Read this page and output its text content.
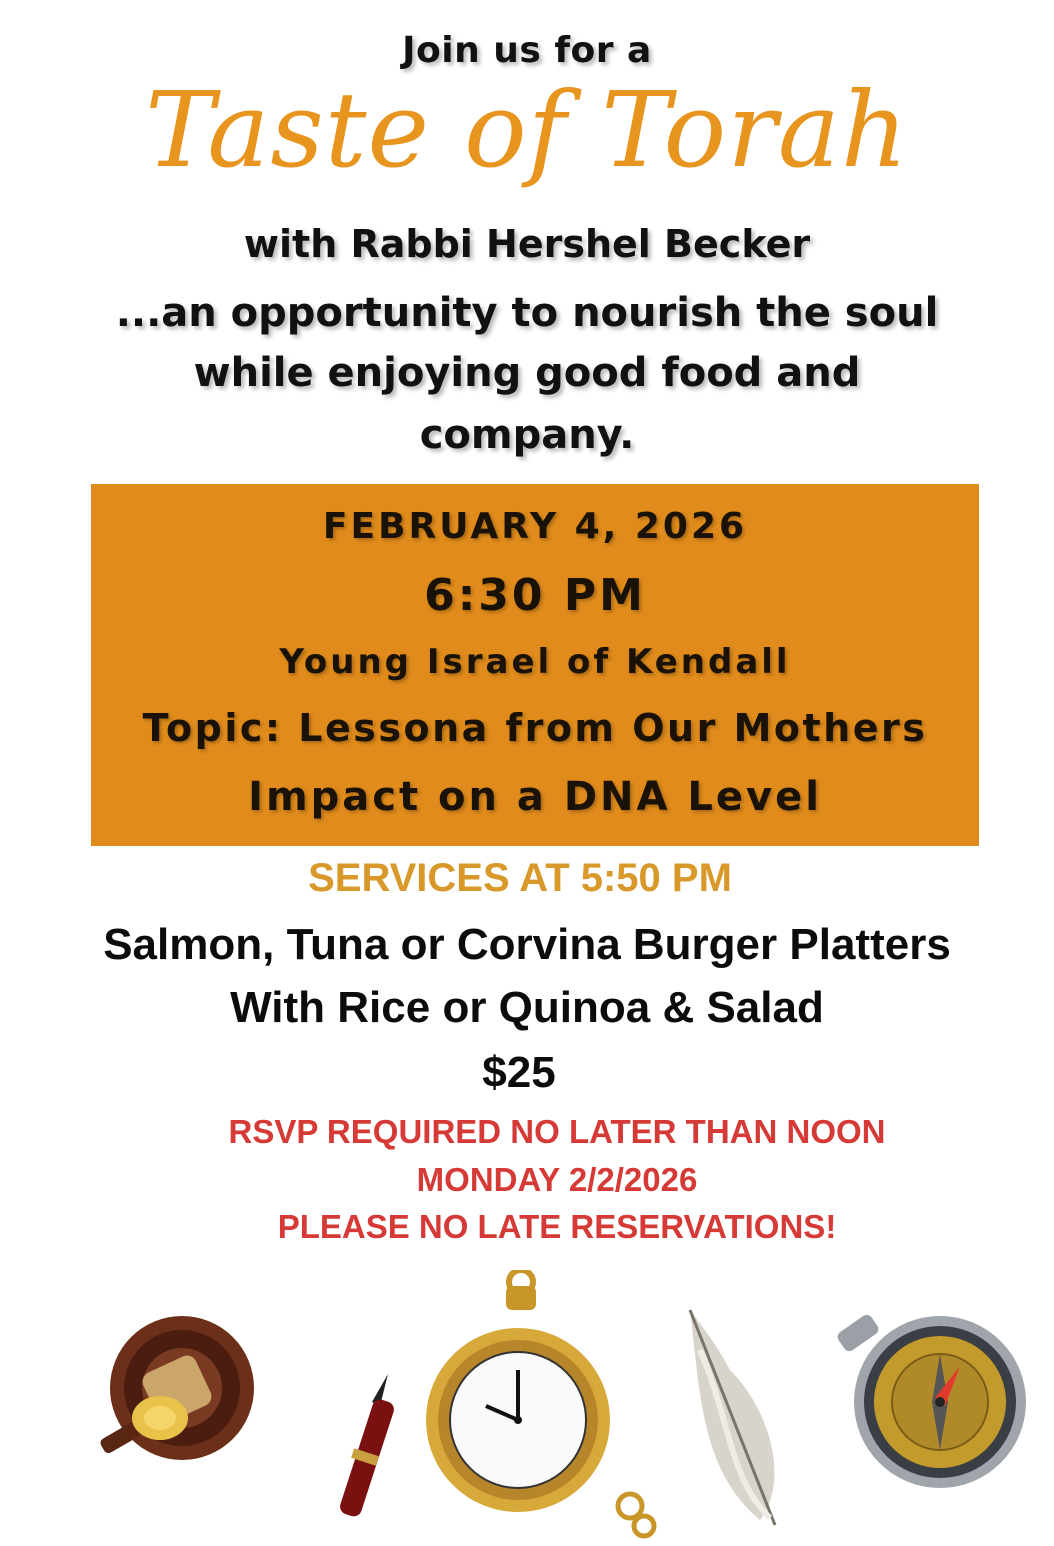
Join us for a
Taste of Torah
with Rabbi Hershel Becker
...an opportunity to nourish the soul
while enjoying good food and
company.
FEBRUARY 4, 2026
6:30 PM
Young Israel of Kendall
Topic: Lessona from Our Mothers
Impact on a DNA Level
SERVICES AT 5:50 PM
Salmon, Tuna or Corvina Burger Platters
With Rice or Quinoa & Salad
$25
RSVP REQUIRED NO LATER THAN NOON
MONDAY 2/2/2026
PLEASE NO LATE RESERVATIONS!
